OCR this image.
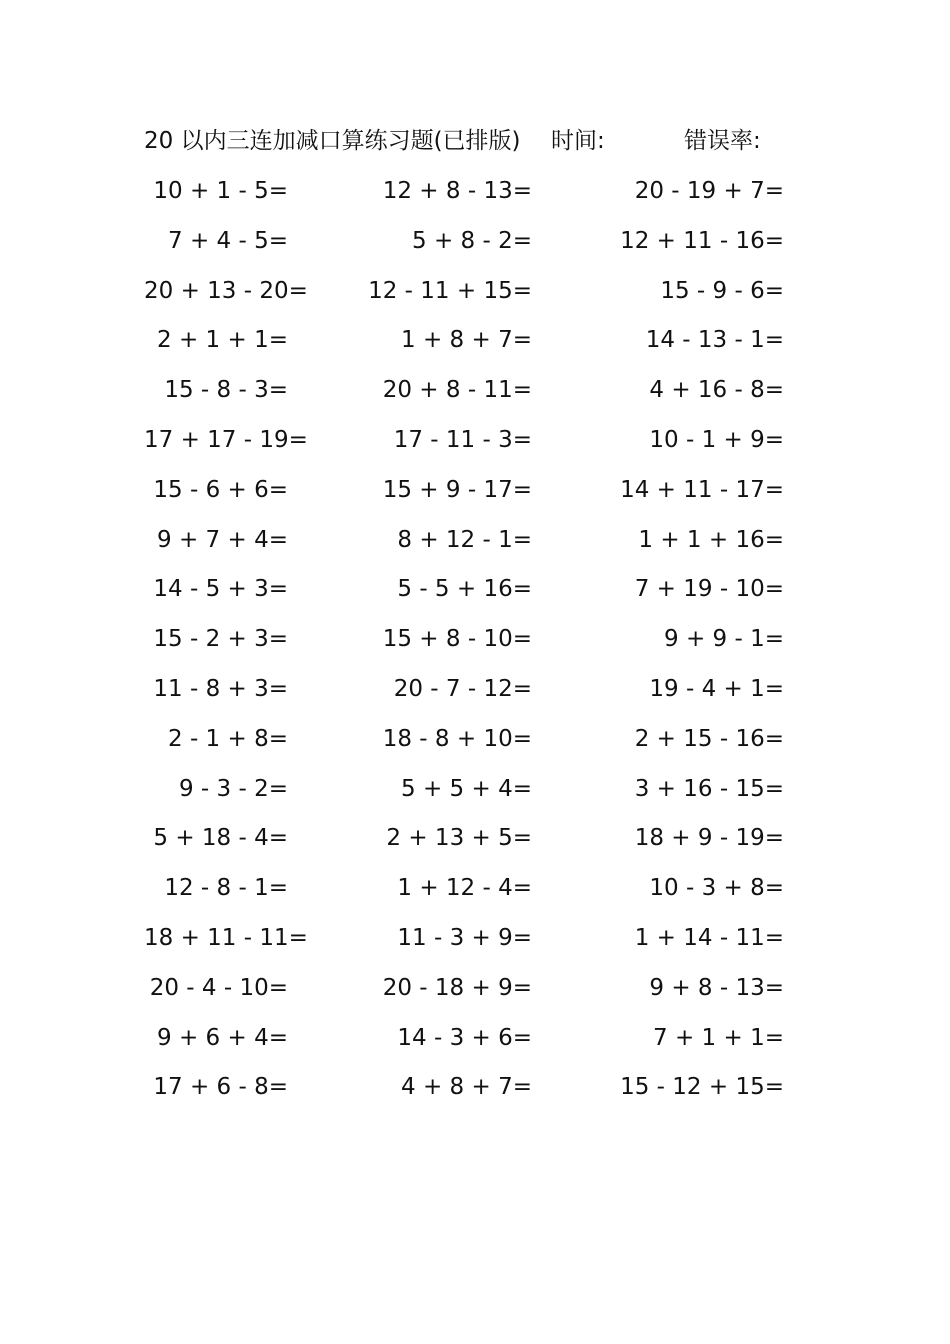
20 以内三连加减口算练习题(已排版) 时间:	错误率:
10 + 1 - 5=	12 + 8 - 13=	20 - 19 + 7=
7 + 4 - 5=	5 + 8 - 2=	12 + 11 - 16=
20 + 13 - 20=	12 - 11 + 15=	15 - 9 - 6=
2 + 1 + 1=	1 + 8 + 7=	14 - 13 - 1=
15 - 8 - 3=	20 + 8 - 11=	4 + 16 - 8=
17 + 17 - 19=	17 - 11 - 3=	10 - 1 + 9=
15 - 6 + 6=	15 + 9 - 17=	14 + 11 - 17=
9 + 7 + 4=	8 + 12 - 1=	1 + 1 + 16=
14 - 5 + 3=	5 - 5 + 16=	7 + 19 - 10=
15 - 2 + 3=	15 + 8 - 10=	9 + 9 - 1=
11 - 8 + 3=	20 - 7 - 12=	19 - 4 + 1=
2 - 1 + 8=	18 - 8 + 10=	2 + 15 - 16=
9 - 3 - 2=	5 + 5 + 4=	3 + 16 - 15=
5 + 18 - 4=	2 + 13 + 5=	18 + 9 - 19=
12 - 8 - 1=	1 + 12 - 4=	10 - 3 + 8=
18 + 11 - 11=	11 - 3 + 9=	1 + 14 - 11=
20 - 4 - 10=	20 - 18 + 9=	9 + 8 - 13=
9 + 6 + 4=	14 - 3 + 6=	7 + 1 + 1=
17 + 6 - 8=	4 + 8 + 7=	15 - 12 + 15=
